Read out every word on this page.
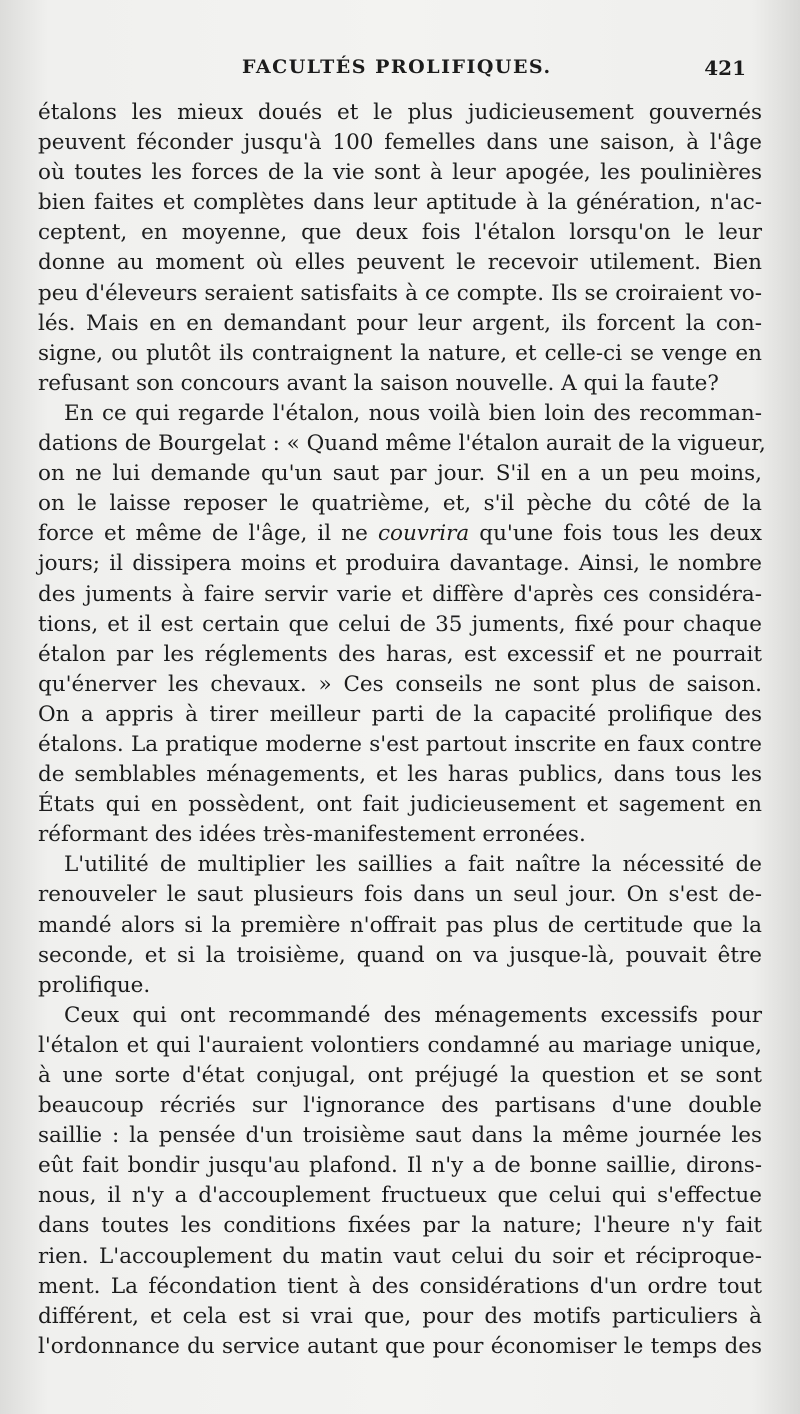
FACULTÉS PROLIFIQUES.	421
étalons les mieux doués et le plus judicieusement gouvernés
peuvent féconder jusqu'à 100 femelles dans une saison, à l'âge
où toutes les forces de la vie sont à leur apogée, les poulinières
bien faites et complètes dans leur aptitude à la génération, n'ac-
ceptent, en moyenne, que deux fois l'étalon lorsqu'on le leur
donne au moment où elles peuvent le recevoir utilement. Bien
peu d'éleveurs seraient satisfaits à ce compte. Ils se croiraient vo-
lés. Mais en en demandant pour leur argent, ils forcent la con-
signe, ou plutôt ils contraignent la nature, et celle-ci se venge en
refusant son concours avant la saison nouvelle. A qui la faute?
En ce qui regarde l'étalon, nous voilà bien loin des recomman-
dations de Bourgelat : « Quand même l'étalon aurait de la vigueur,
on ne lui demande qu'un saut par jour. S'il en a un peu moins,
on le laisse reposer le quatrième, et, s'il pèche du côté de la
force et même de l'âge, il ne couvrira qu'une fois tous les deux
jours; il dissipera moins et produira davantage. Ainsi, le nombre
des juments à faire servir varie et diffère d'après ces considéra-
tions, et il est certain que celui de 35 juments, fixé pour chaque
étalon par les réglements des haras, est excessif et ne pourrait
qu'énerver les chevaux. » Ces conseils ne sont plus de saison.
On a appris à tirer meilleur parti de la capacité prolifique des
étalons. La pratique moderne s'est partout inscrite en faux contre
de semblables ménagements, et les haras publics, dans tous les
États qui en possèdent, ont fait judicieusement et sagement en
réformant des idées très-manifestement erronées.
L'utilité de multiplier les saillies a fait naître la nécessité de
renouveler le saut plusieurs fois dans un seul jour. On s'est de-
mandé alors si la première n'offrait pas plus de certitude que la
seconde, et si la troisième, quand on va jusque-là, pouvait être
prolifique.
Ceux qui ont recommandé des ménagements excessifs pour
l'étalon et qui l'auraient volontiers condamné au mariage unique,
à une sorte d'état conjugal, ont préjugé la question et se sont
beaucoup récriés sur l'ignorance des partisans d'une double
saillie : la pensée d'un troisième saut dans la même journée les
eût fait bondir jusqu'au plafond. Il n'y a de bonne saillie, dirons-
nous, il n'y a d'accouplement fructueux que celui qui s'effectue
dans toutes les conditions fixées par la nature; l'heure n'y fait
rien. L'accouplement du matin vaut celui du soir et réciproque-
ment. La fécondation tient à des considérations d'un ordre tout
différent, et cela est si vrai que, pour des motifs particuliers à
l'ordonnance du service autant que pour économiser le temps des
